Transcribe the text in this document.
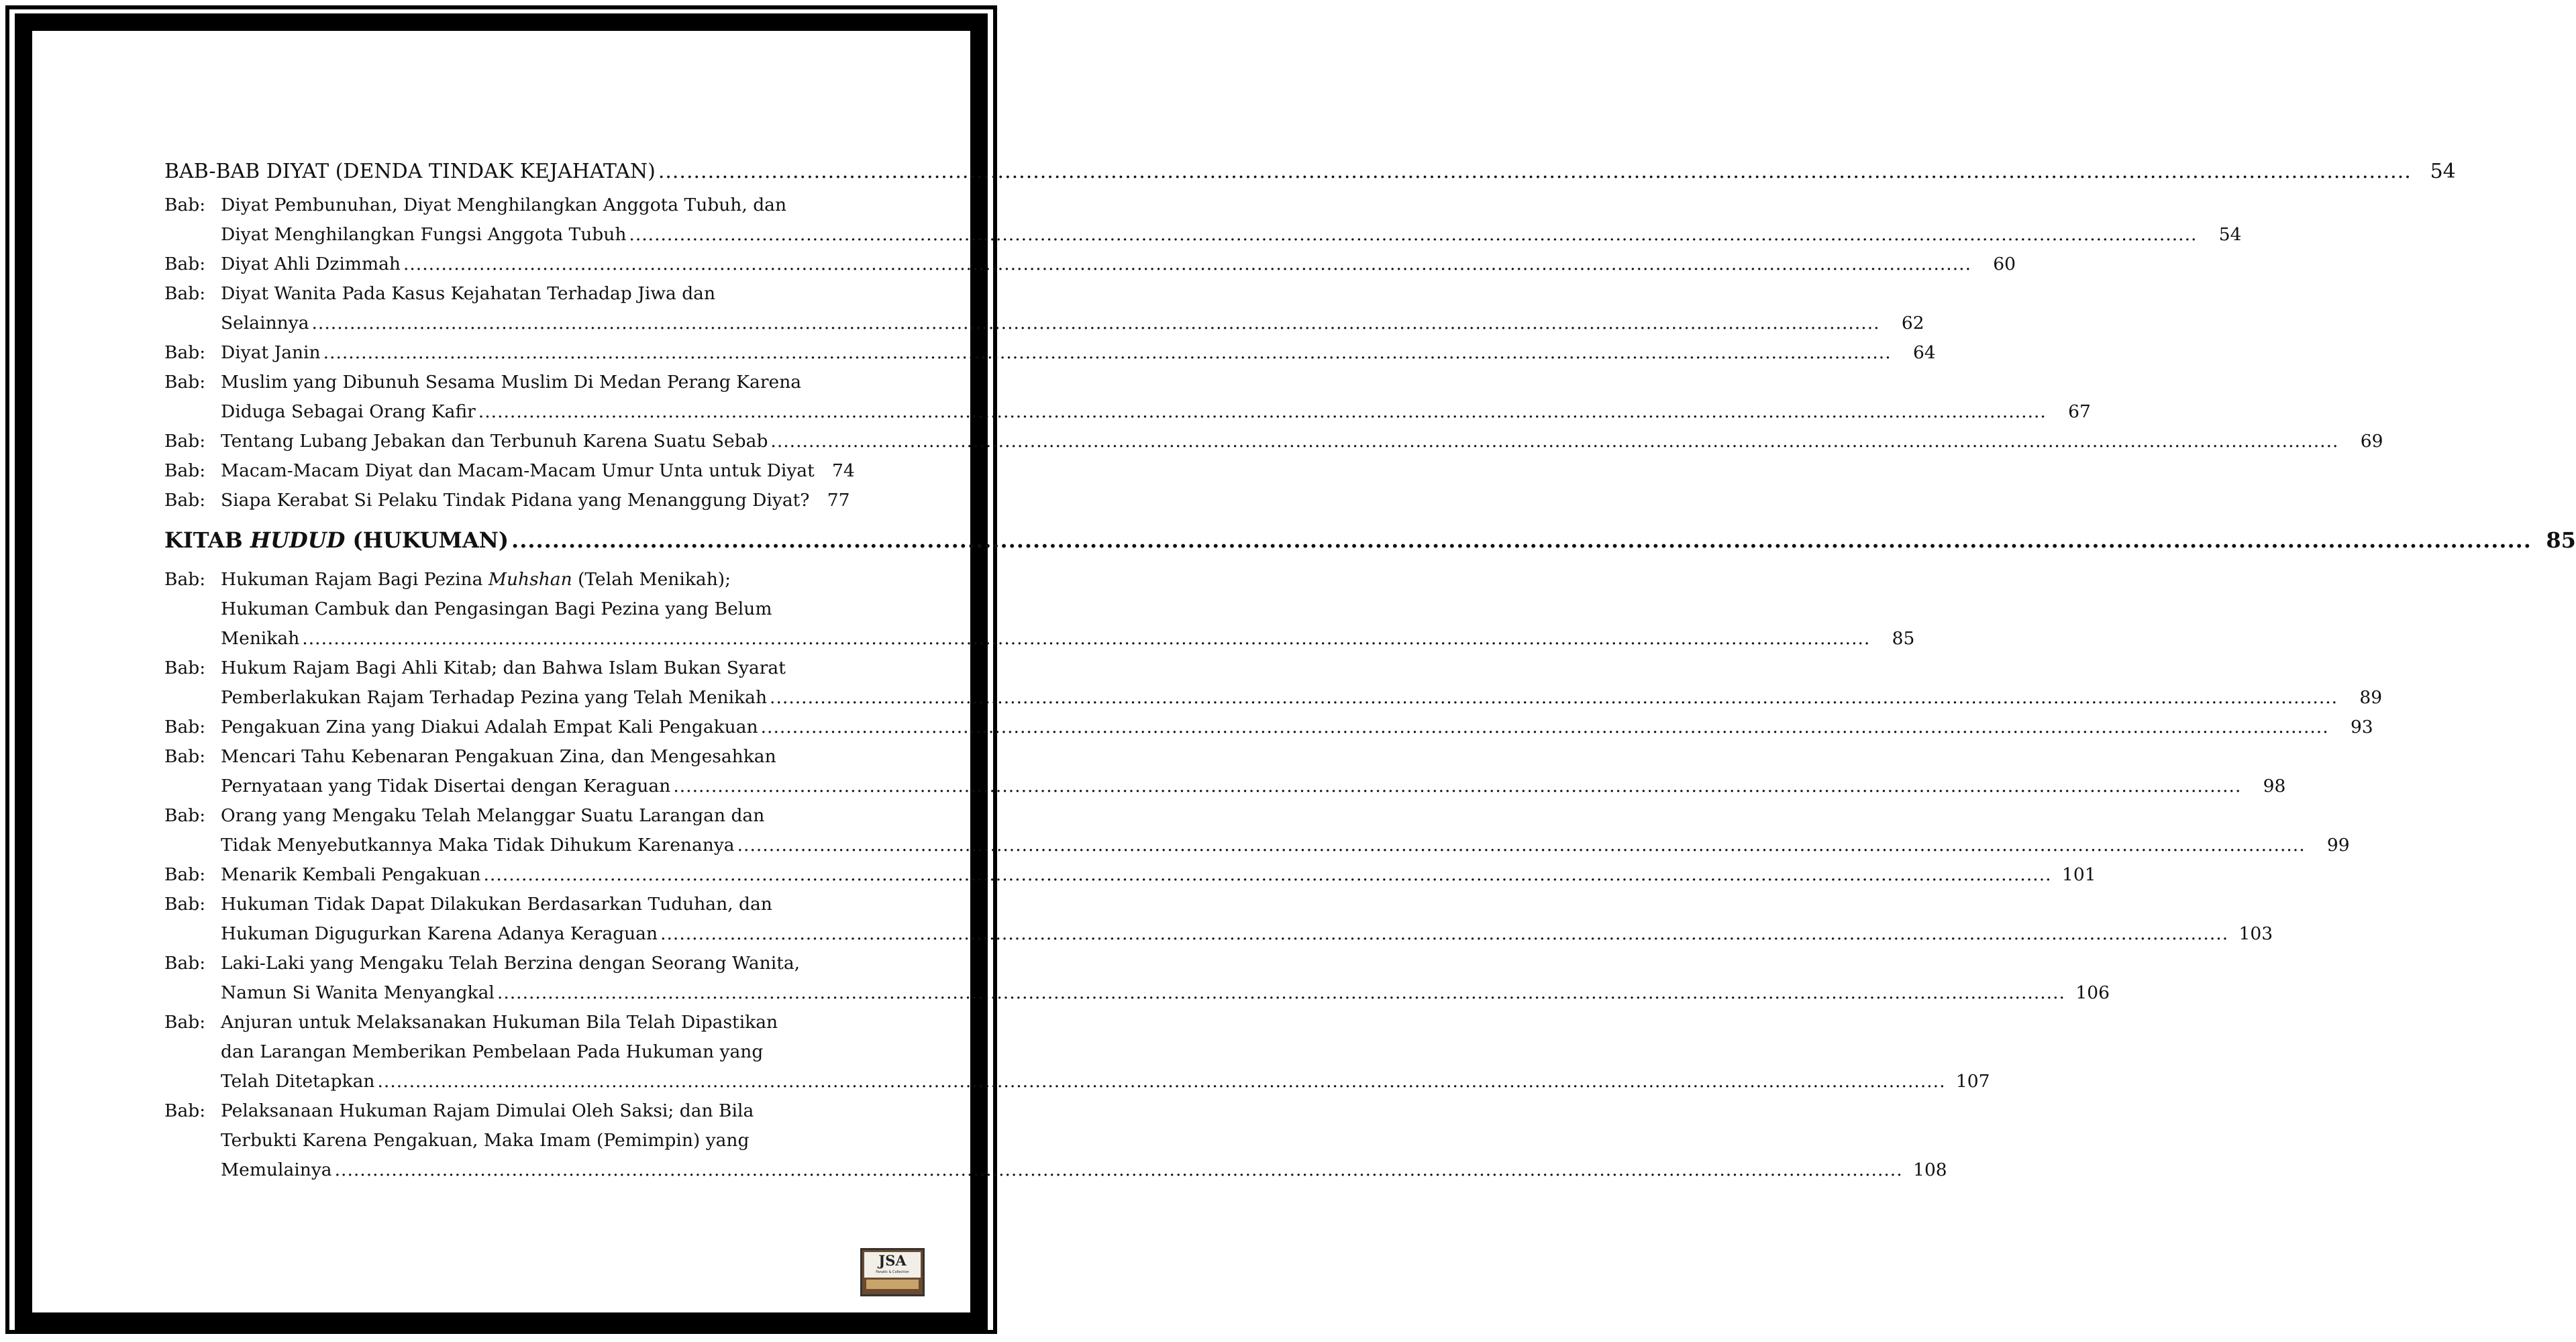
BAB-BAB DIYAT (DENDA TINDAK KEJAHATAN) .....	54
Bab: Diyat Pembunuhan, Diyat Menghilangkan Anggota Tubuh, dan
Diyat Menghilangkan Fungsi Anggota Tubuh .....	54
Bab: Diyat Ahli Dzimmah .....	60
Bab: Diyat Wanita Pada Kasus Kejahatan Terhadap Jiwa dan
Selainnya .....	62
Bab: Diyat Janin .....	64
Bab: Muslim yang Dibunuh Sesama Muslim Di Medan Perang Karena
Diduga Sebagai Orang Kafir .....	67
Bab: Tentang Lubang Jebakan dan Terbunuh Karena Suatu Sebab .....	69
Bab: Macam-Macam Diyat dan Macam-Macam Umur Unta untuk Diyat 74
Bab: Siapa Kerabat Si Pelaku Tindak Pidana yang Menanggung Diyat? 77
KITAB HUDUD (HUKUMAN) .....	85
Bab: Hukuman Rajam Bagi Pezina Muhshan (Telah Menikah);
Hukuman Cambuk dan Pengasingan Bagi Pezina yang Belum
Menikah .....	85
Bab: Hukum Rajam Bagi Ahli Kitab; dan Bahwa Islam Bukan Syarat
Pemberlakukan Rajam Terhadap Pezina yang Telah Menikah .....	89
Bab: Pengakuan Zina yang Diakui Adalah Empat Kali Pengakuan .....	93
Bab: Mencari Tahu Kebenaran Pengakuan Zina, dan Mengesahkan
Pernyataan yang Tidak Disertai dengan Keraguan .....	98
Bab: Orang yang Mengaku Telah Melanggar Suatu Larangan dan
Tidak Menyebutkannya Maka Tidak Dihukum Karenanya .....	99
Bab: Menarik Kembali Pengakuan .....	101
Bab: Hukuman Tidak Dapat Dilakukan Berdasarkan Tuduhan, dan
Hukuman Digugurkan Karena Adanya Keraguan .....	103
Bab: Laki-Laki yang Mengaku Telah Berzina dengan Seorang Wanita,
Namun Si Wanita Menyangkal .....	106
Bab: Anjuran untuk Melaksanakan Hukuman Bila Telah Dipastikan
dan Larangan Memberikan Pembelaan Pada Hukuman yang
Telah Ditetapkan .....	107
Bab: Pelaksanaan Hukuman Rajam Dimulai Oleh Saksi; dan Bila
Terbukti Karena Pengakuan, Maka Imam (Pemimpin) yang
Memulainya .....	108
JSA
Fanatic & Collection
